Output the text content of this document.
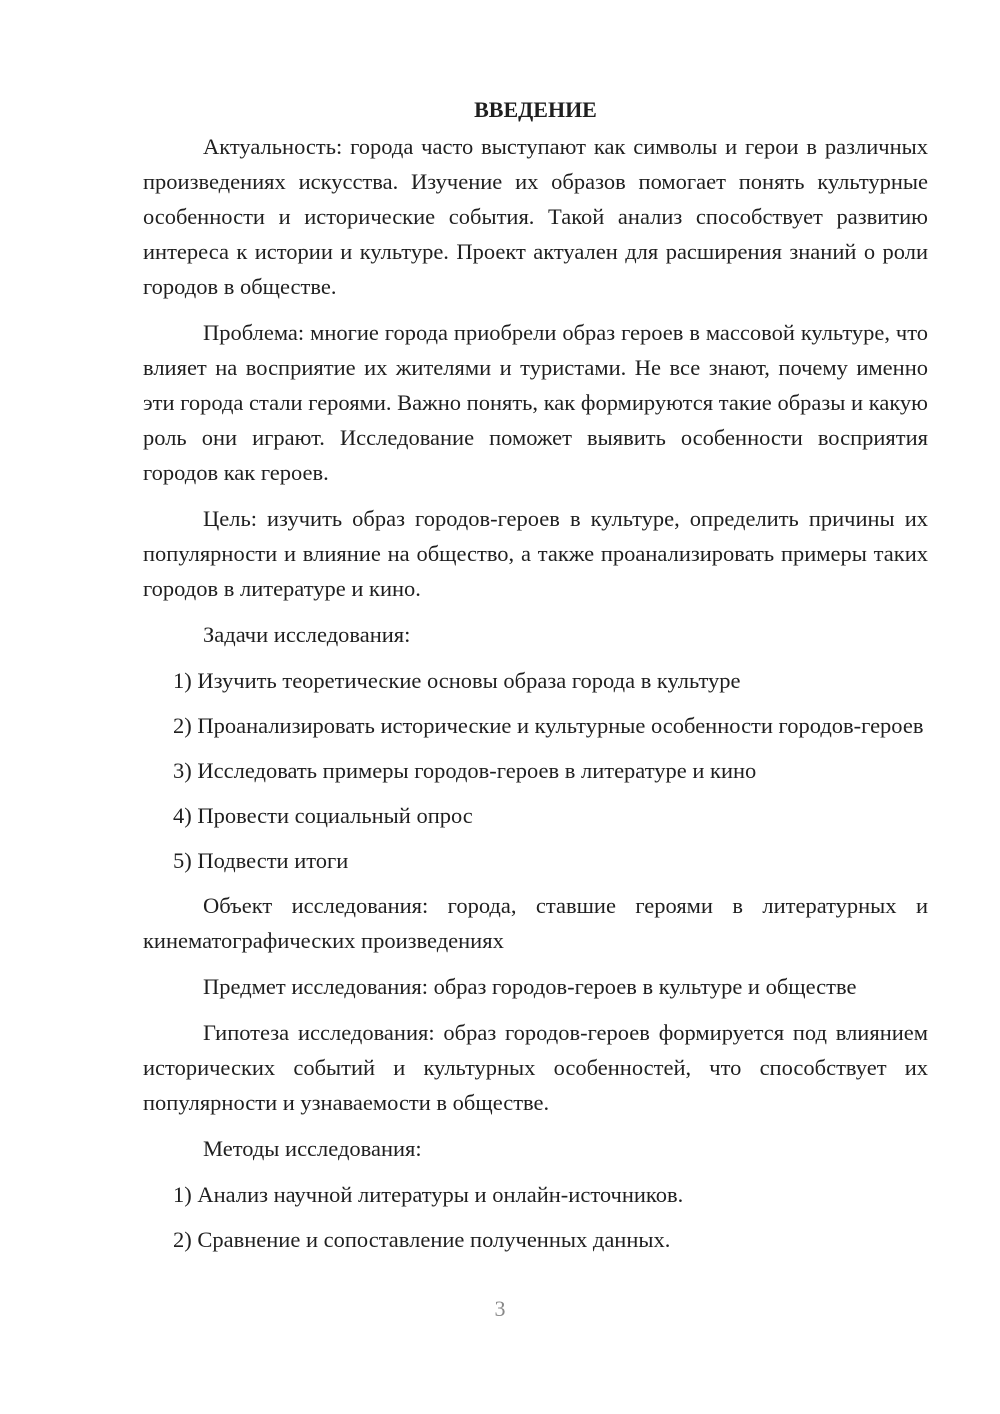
ВВЕДЕНИЕ

Актуальность: города часто выступают как символы и герои в различных произведениях искусства. Изучение их образов помогает понять культурные особенности и исторические события. Такой анализ способствует развитию интереса к истории и культуре. Проект актуален для расширения знаний о роли городов в обществе.

Проблема: многие города приобрели образ героев в массовой культуре, что влияет на восприятие их жителями и туристами. Не все знают, почему именно эти города стали героями. Важно понять, как формируются такие образы и какую роль они играют. Исследование поможет выявить особенности восприятия городов как героев.

Цель: изучить образ городов-героев в культуре, определить причины их популярности и влияние на общество, а также проанализировать примеры таких городов в литературе и кино.

Задачи исследования:

1) Изучить теоретические основы образа города в культуре

2) Проанализировать исторические и культурные особенности городов-героев

3) Исследовать примеры городов-героев в литературе и кино

4) Провести социальный опрос

5) Подвести итоги

Объект исследования: города, ставшие героями в литературных и кинематографических произведениях

Предмет исследования: образ городов-героев в культуре и обществе

Гипотеза исследования: образ городов-героев формируется под влиянием исторических событий и культурных особенностей, что способствует их популярности и узнаваемости в обществе.

Методы исследования:

1) Анализ научной литературы и онлайн-источников.

2) Сравнение и сопоставление полученных данных.

3
